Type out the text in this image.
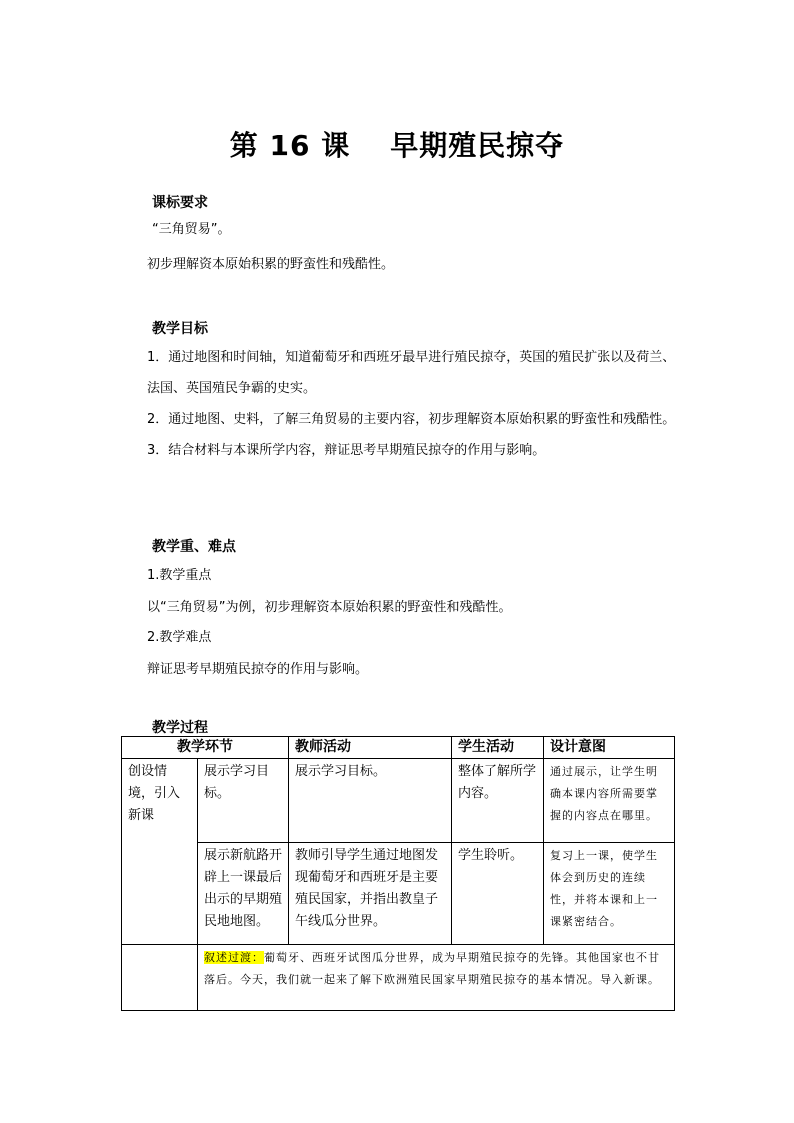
第 16 课 早期殖民掠夺
课标要求
“三角贸易”。
初步理解资本原始积累的野蛮性和残酷性。
教学目标
1．通过地图和时间轴，知道葡萄牙和西班牙最早进行殖民掠夺，英国的殖民扩张以及荷兰、法国、英国殖民争霸的史实。
2．通过地图、史料，了解三角贸易的主要内容，初步理解资本原始积累的野蛮性和残酷性。
3．结合材料与本课所学内容，辩证思考早期殖民掠夺的作用与影响。
教学重、难点
1.教学重点
以“三角贸易”为例，初步理解资本原始积累的野蛮性和残酷性。
2.教学难点
辩证思考早期殖民掠夺的作用与影响。
教学过程
教学环节		教师活动	学生活动	设计意图
创设情境，引入新课	展示学习目标。	展示学习目标。	整体了解所学内容。	通过展示，让学生明确本课内容所需要掌握的内容点在哪里。
	展示新航路开辟上一课最后出示的早期殖民地地图。	教师引导学生通过地图发现葡萄牙和西班牙是主要殖民国家，并指出教皇子午线瓜分世界。	学生聆听。	复习上一课，使学生体会到历史的连续性，并将本课和上一课紧密结合。
	叙述过渡：葡萄牙、西班牙试图瓜分世界，成为早期殖民掠夺的先锋。其他国家也不甘落后。今天，我们就一起来了解下欧洲殖民国家早期殖民掠夺的基本情况。导入新课。			
